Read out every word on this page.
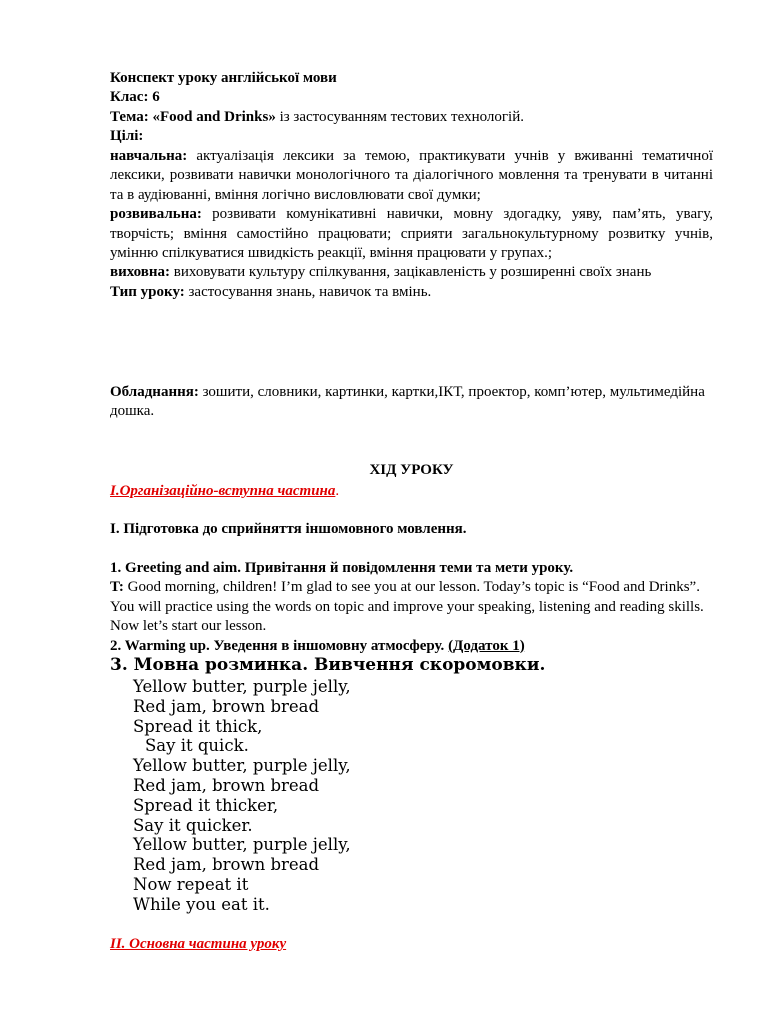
Конспект уроку англійської мови
Клас: 6
Тема: «Food and Drinks» із застосуванням тестових технологій.
Цілі:
навчальна: актуалізація лексики за темою, практикувати учнів у вживанні тематичної лексики, розвивати навички монологічного та діалогічного мовлення та тренувати в читанні та в аудіюванні, вміння логічно висловлювати свої думки;
розвивальна: розвивати комунікативні навички, мовну здогадку, уяву, пам’ять, увагу, творчість; вміння самостійно працювати; сприяти загальнокультурному розвитку учнів, умінню спілкуватися швидкість реакції, вміння працювати у групах.;
виховна: виховувати культуру спілкування, зацікавленість у розширенні своїх знань
Тип уроку: застосування знань, навичок та вмінь.
Обладнання: зошити, словники, картинки, картки,ІКТ, проектор, комп’ютер, мультимедійна дошка.
ХІД УРОКУ
I.Організаційно-вступна частина.
I. Підготовка до сприйняття іншомовного мовлення.
1. Greeting and aim. Привітання й повідомлення теми та мети уроку.
T: Good morning, children! I’m glad to see you at our lesson. Today’s topic is “Food and Drinks”. You will practice using the words on topic and improve your speaking, listening and reading skills. Now let’s start our lesson.
2. Warming up. Уведення в іншомовну атмосферу. (Додаток 1)
3. Мовна розминка. Вивчення скоромовки.
Yellow butter, purple jelly,
Red jam, brown bread
Spread it thick,
Say it quick.
Yellow butter, purple jelly,
Red jam, brown bread
Spread it thicker,
Say it quicker.
Yellow butter, purple jelly,
Red jam, brown bread
Now repeat it
While you eat it.
II. Основна частина уроку
